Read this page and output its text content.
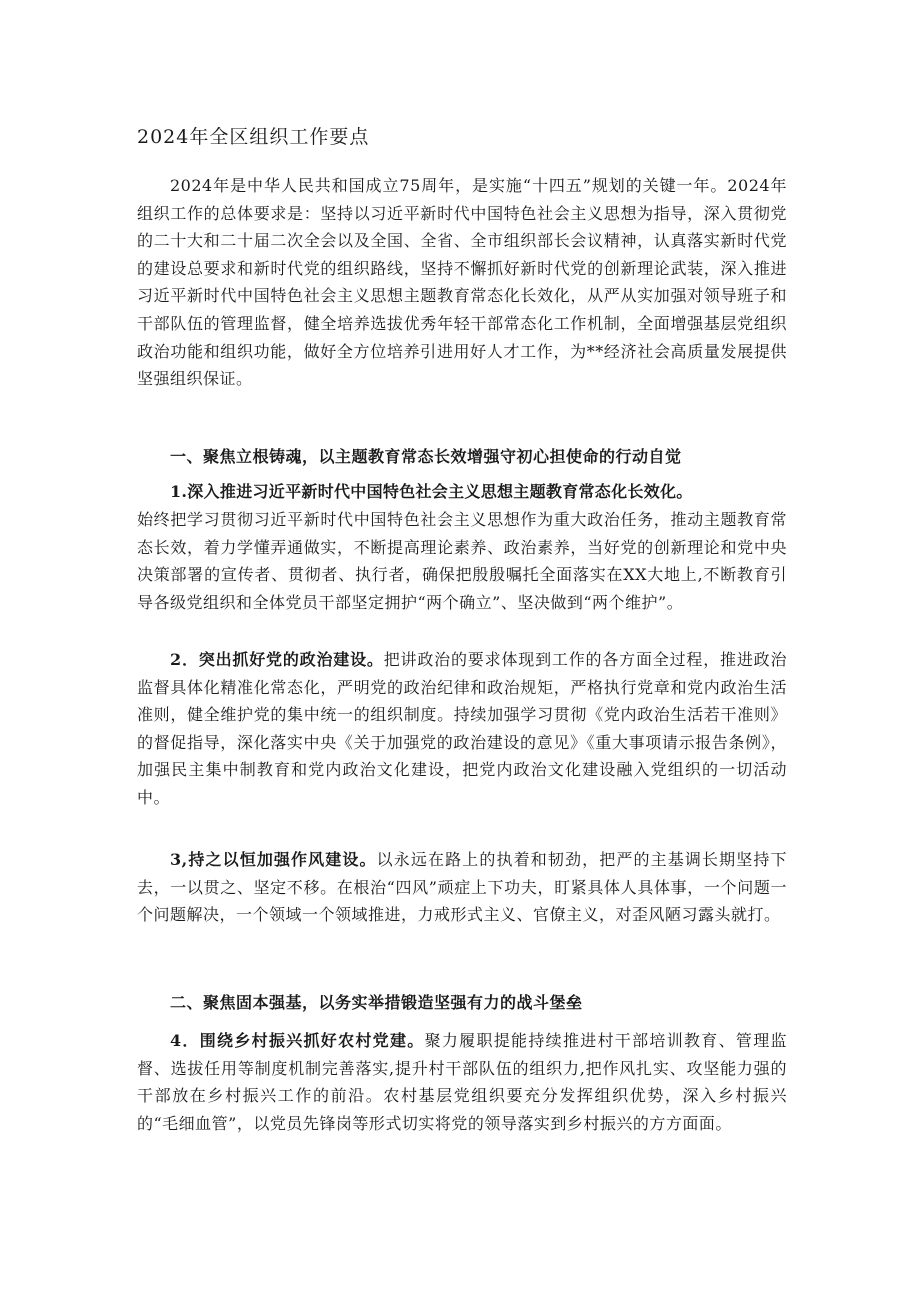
2024年全区组织工作要点
2024年是中华人民共和国成立75周年，是实施“十四五”规划的关键一年。2024年组织工作的总体要求是：坚持以习近平新时代中国特色社会主义思想为指导，深入贯彻党的二十大和二十届二次全会以及全国、全省、全市组织部长会议精神，认真落实新时代党的建设总要求和新时代党的组织路线，坚持不懈抓好新时代党的创新理论武装，深入推进习近平新时代中国特色社会主义思想主题教育常态化长效化，从严从实加强对领导班子和干部队伍的管理监督，健全培养选拔优秀年轻干部常态化工作机制，全面增强基层党组织政治功能和组织功能，做好全方位培养引进用好人才工作，为**经济社会高质量发展提供坚强组织保证。
一、聚焦立根铸魂，以主题教育常态长效增强守初心担使命的行动自觉
1.深入推进习近平新时代中国特色社会主义思想主题教育常态化长效化。
始终把学习贯彻习近平新时代中国特色社会主义思想作为重大政治任务，推动主题教育常态长效，着力学懂弄通做实，不断提高理论素养、政治素养，当好党的创新理论和党中央决策部署的宣传者、贯彻者、执行者，确保把殷殷嘱托全面落实在XX大地上,不断教育引导各级党组织和全体党员干部坚定拥护“两个确立”、坚决做到“两个维护”。
2．突出抓好党的政治建设。把讲政治的要求体现到工作的各方面全过程，推进政治监督具体化精准化常态化，严明党的政治纪律和政治规矩，严格执行党章和党内政治生活准则，健全维护党的集中统一的组织制度。持续加强学习贯彻《党内政治生活若干准则》的督促指导，深化落实中央《关于加强党的政治建设的意见》《重大事项请示报告条例》，加强民主集中制教育和党内政治文化建设，把党内政治文化建设融入党组织的一切活动中。
3,持之以恒加强作风建设。以永远在路上的执着和韧劲，把严的主基调长期坚持下去，一以贯之、坚定不移。在根治“四风”顽症上下功夫，盯紧具体人具体事，一个问题一个问题解决，一个领域一个领域推进，力戒形式主义、官僚主义，对歪风陋习露头就打。
二、聚焦固本强基，以务实举措锻造坚强有力的战斗堡垒
4．围绕乡村振兴抓好农村党建。聚力履职提能持续推进村干部培训教育、管理监督、选拔任用等制度机制完善落实,提升村干部队伍的组织力,把作风扎实、攻坚能力强的干部放在乡村振兴工作的前沿。农村基层党组织要充分发挥组织优势，深入乡村振兴的“毛细血管”，以党员先锋岗等形式切实将党的领导落实到乡村振兴的方方面面。
